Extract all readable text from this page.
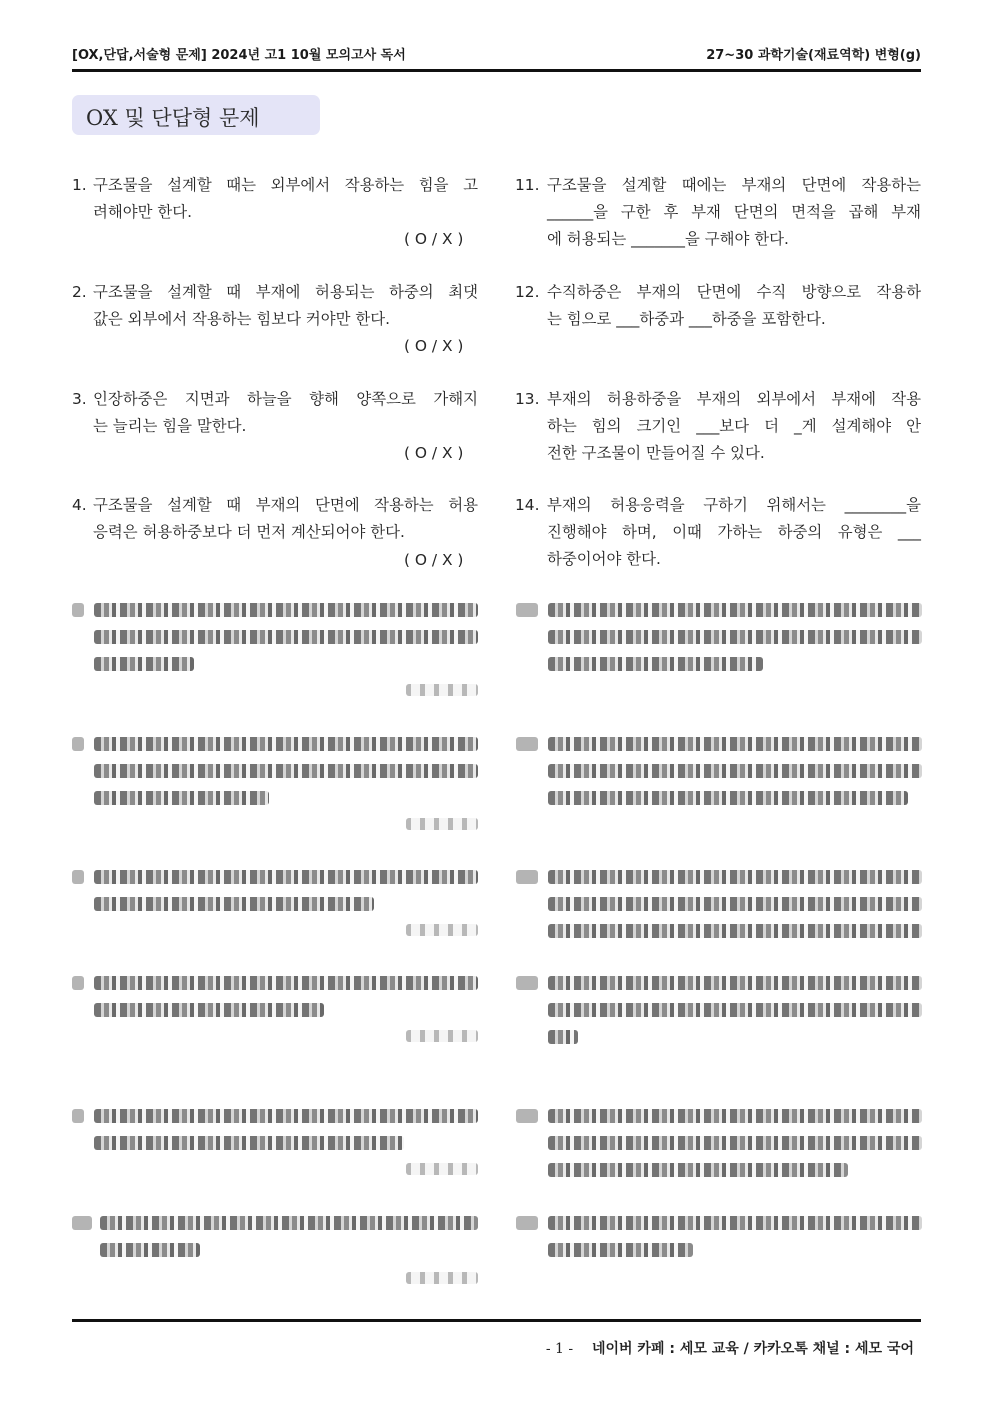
[OX,단답,서술형 문제] 2024년 고1 10월 모의고사 독서	27~30 과학기술(재료역학) 변형(g)
OX 및 단답형 문제
1. 구조물을 설계할 때는 외부에서 작용하는 힘을 고
려해야만 한다.
( O / X )
2. 구조물을 설계할 때 부재에 허용되는 하중의 최댓
값은 외부에서 작용하는 힘보다 커야만 한다.
( O / X )
3. 인장하중은 지면과 하늘을 향해 양쪽으로 가해지
는 늘리는 힘을 말한다.
( O / X )
4. 구조물을 설계할 때 부재의 단면에 작용하는 허용
응력은 허용하중보다 더 먼저 계산되어야 한다.
( O / X )
11. 구조물을 설계할 때에는 부재의 단면에 작용하는
______을 구한 후 부재 단면의 면적을 곱해 부재
에 허용되는 _______을 구해야 한다.
12. 수직하중은 부재의 단면에 수직 방향으로 작용하
는 힘으로 ___하중과 ___하중을 포함한다.
13. 부재의 허용하중을 부재의 외부에서 부재에 작용
하는 힘의 크기인 ___보다 더 _게 설계해야 안
전한 구조물이 만들어질 수 있다.
14. 부재의 허용응력을 구하기 위해서는 ________을
진행해야 하며, 이때 가하는 하중의 유형은 ___
하중이어야 한다.
- 1 - 네이버 카페 : 세모 교육 / 카카오톡 채널 : 세모 국어
